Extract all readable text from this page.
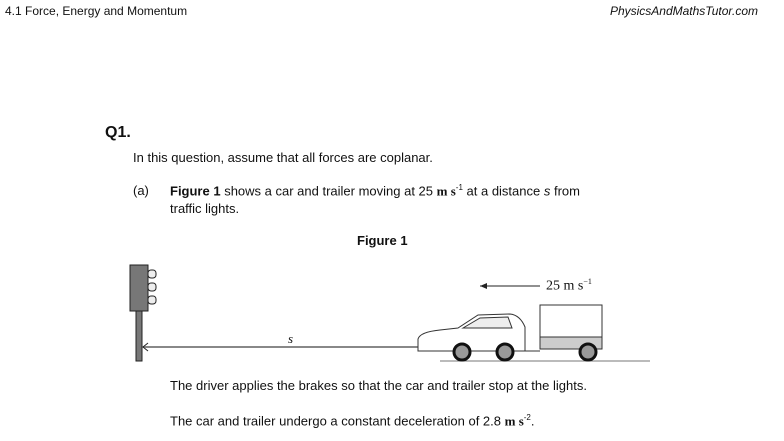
4.1 Force, Energy and Momentum	PhysicsAndMathsTutor.com
Q1.
In this question, assume that all forces are coplanar.
(a) Figure 1 shows a car and trailer moving at 25 m $s^{-1}$ at a distance s from
traffic lights.
Figure 1
25 m $s^{-1}$
s
The driver applies the brakes so that the car and trailer stop at the lights.
The car and trailer undergo a constant deceleration of 2.8 m $s^{-2}$.
